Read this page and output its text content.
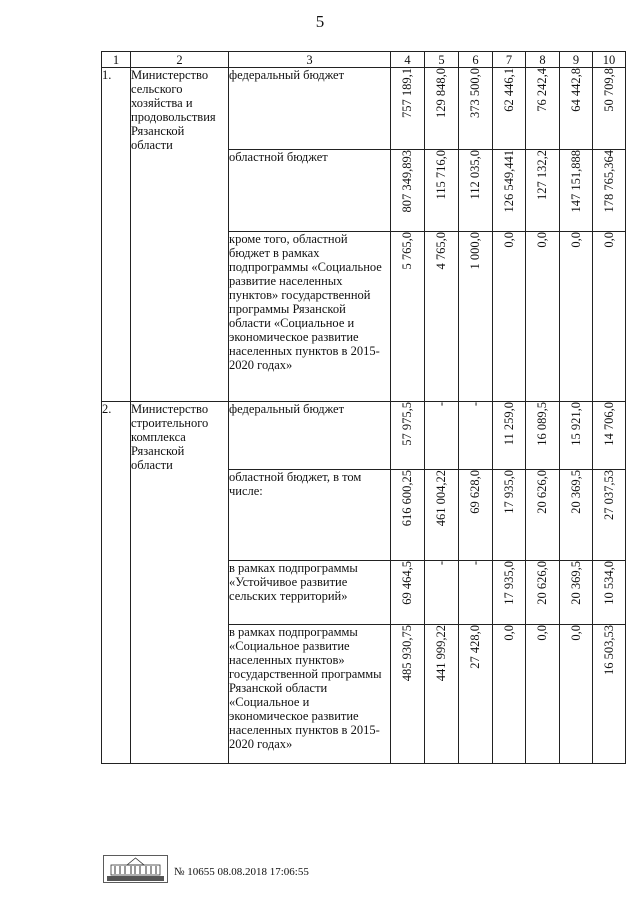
5
1	2	3	4	5	6	7	8	9	10
1.	Министерство сельского хозяйства и продовольствия Рязанской области	федеральный бюджет	757 189,1	129 848,0	373 500,0	62 446,1	76 242,4	64 442,8	50 709,8

		областной бюджет	807 349,893	115 716,0	112 035,0	126 549,441	127 132,2	147 151,888	178 765,364

		кроме того, областной бюджет в рамках подпрограммы «Социальное развитие населенных пунктов» государственной программы Рязанской области «Социальное и экономическое развитие населенных пунктов в 2015-2020 годах»	5 765,0	4 765,0	1 000,0	0,0	0,0	0,0	0,0

2.	Министерство строительного комплекса Рязанской области	федеральный бюджет	57 975,5	-	-	11 259,0	16 089,5	15 921,0	14 706,0

		областной бюджет, в том числе:	616 600,25	461 004,22	69 628,0	17 935,0	20 626,0	20 369,5	27 037,53

		в рамках подпрограммы «Устойчивое развитие сельских территорий»	69 464,5	-	-	17 935,0	20 626,0	20 369,5	10 534,0

		в рамках подпрограммы «Социальное развитие населенных пунктов» государственной программы Рязанской области «Социальное и экономическое развитие населенных пунктов в 2015-2020 годах»	485 930,75	441 999,22	27 428,0	0,0	0,0	0,0	16 503,53
№ 10655 08.08.2018 17:06:55
